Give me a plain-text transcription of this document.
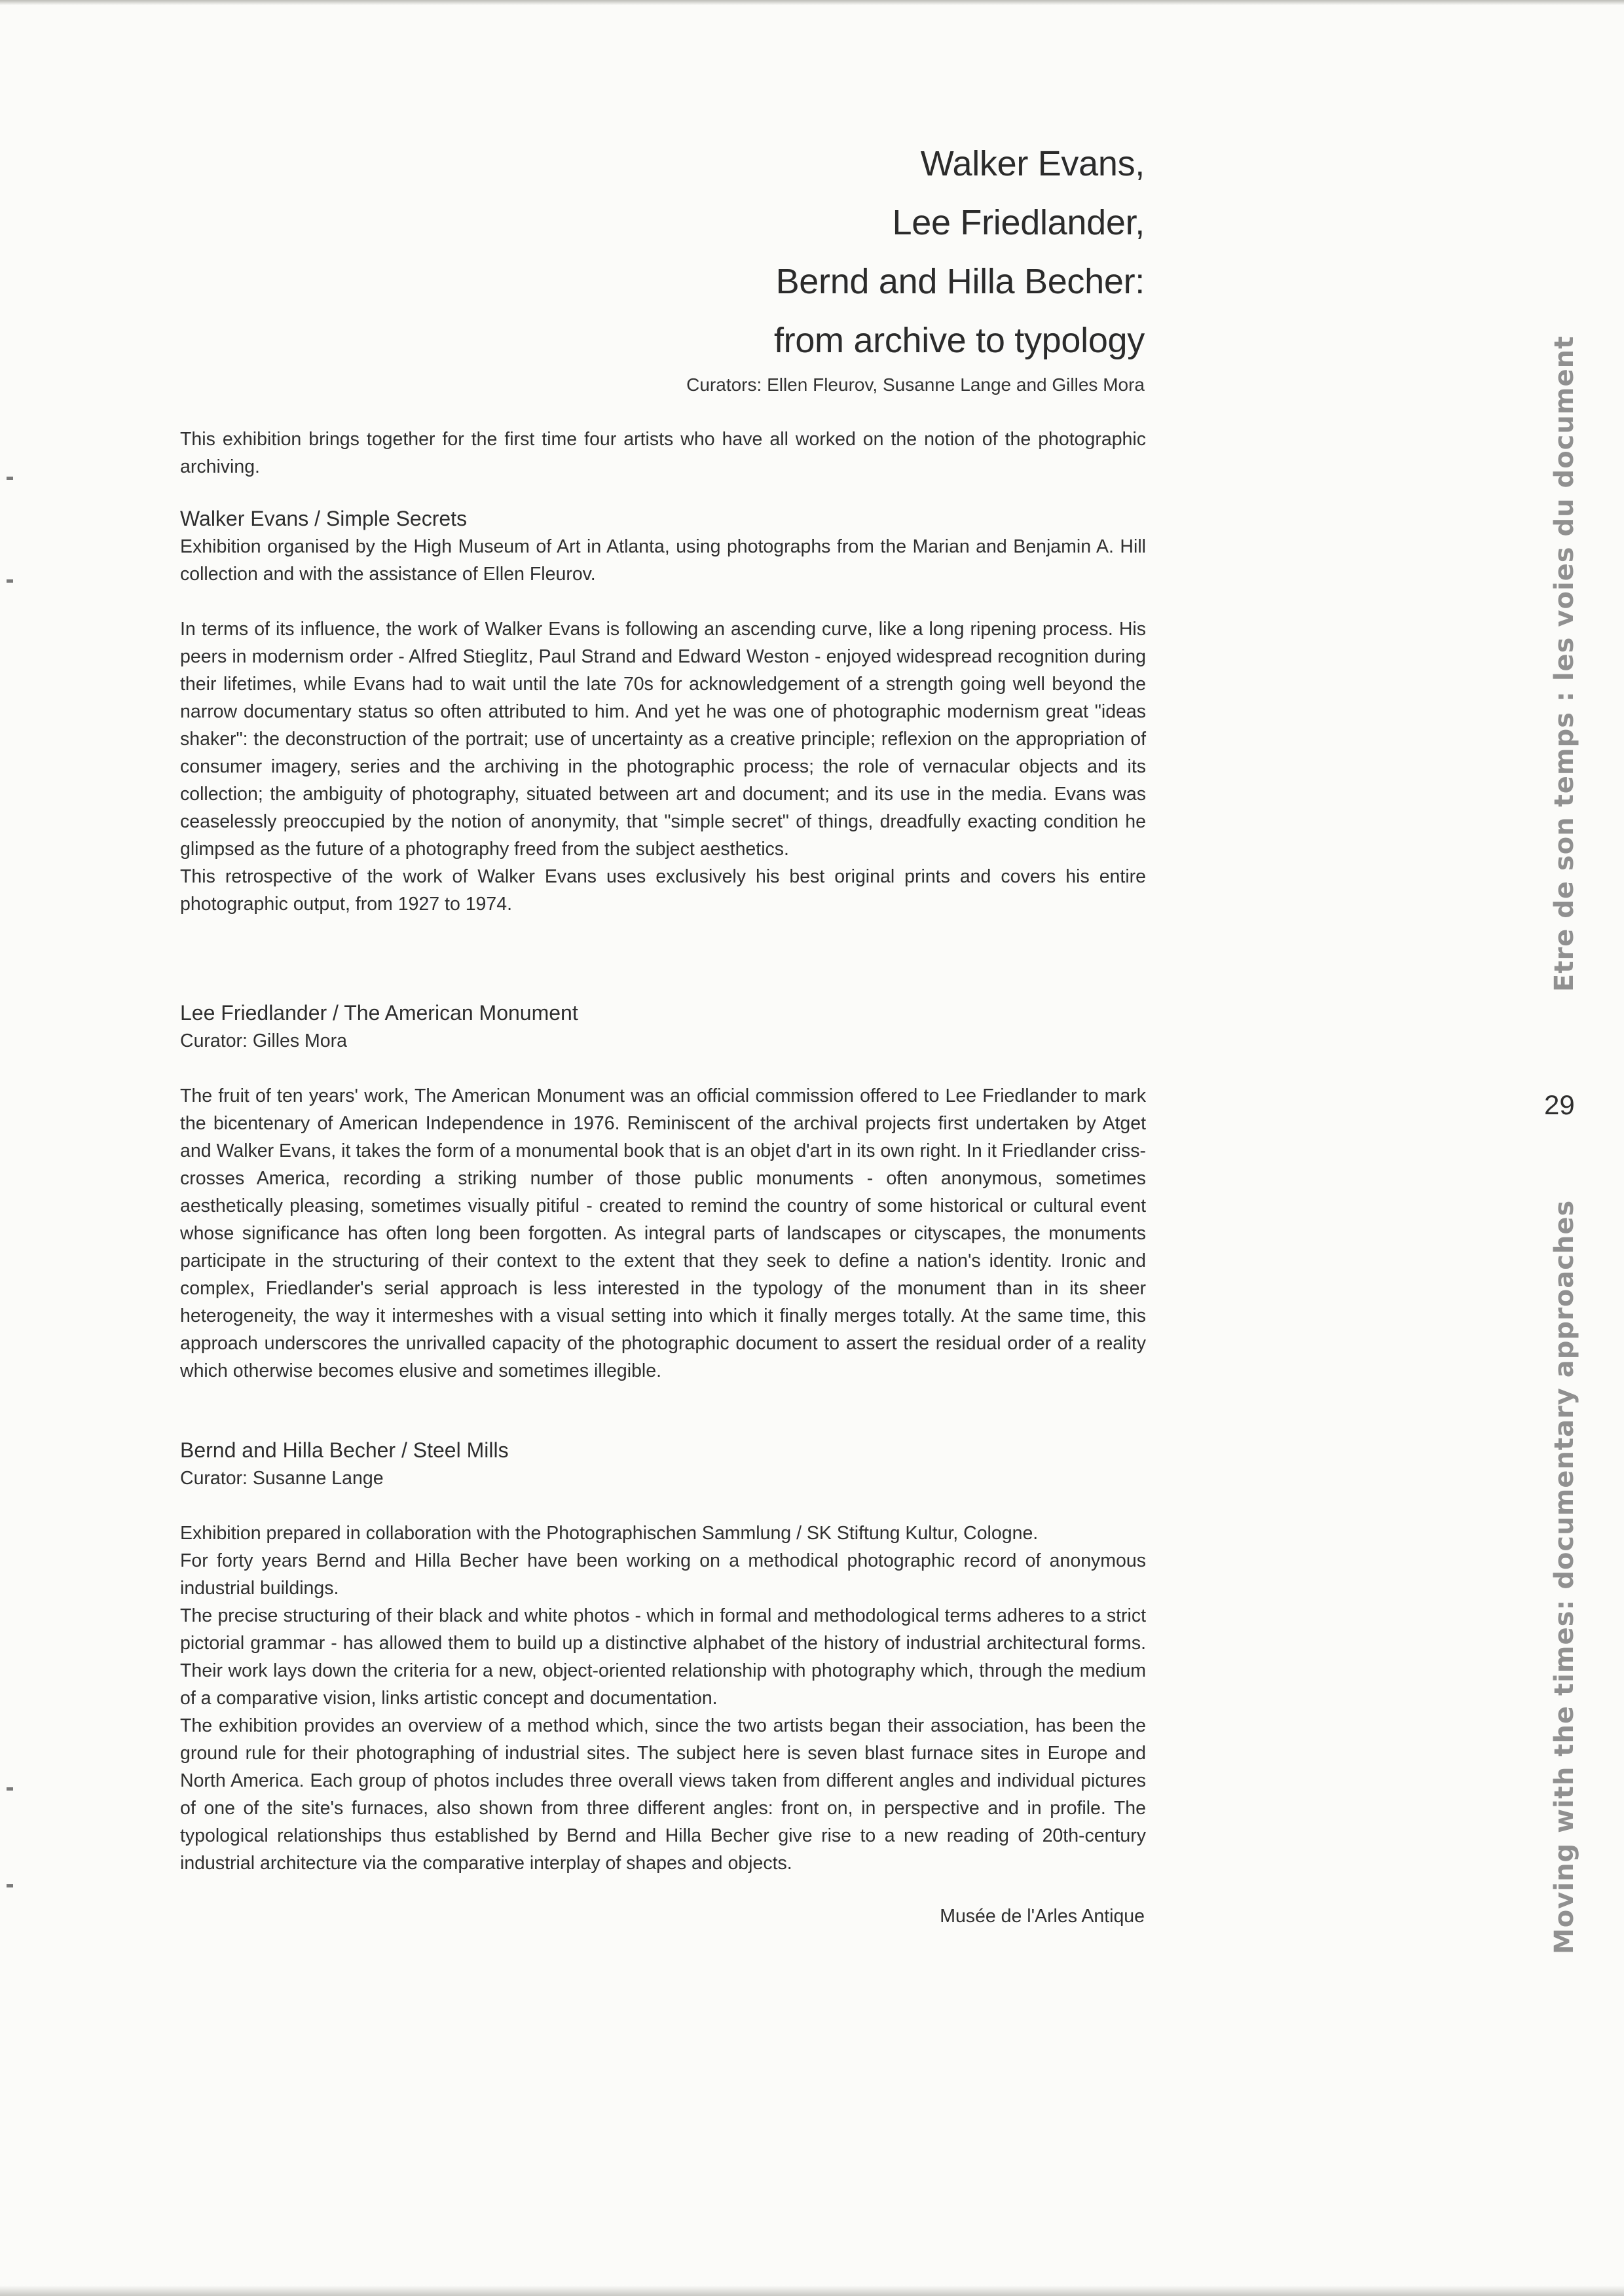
Walker Evans,
Lee Friedlander,
Bernd and Hilla Becher:
from archive to typology
Curators: Ellen Fleurov, Susanne Lange and Gilles Mora

This exhibition brings together for the first time four artists who have all worked on the notion of the photographic archiving.

Walker Evans / Simple Secrets

Exhibition organised by the High Museum of Art in Atlanta, using photographs from the Marian and Benjamin A. Hill collection and with the assistance of Ellen Fleurov.

In terms of its influence, the work of Walker Evans is following an ascending curve, like a long ripening process. His peers in modernism order - Alfred Stieglitz, Paul Strand and Edward Weston - enjoyed widespread recognition during their lifetimes, while Evans had to wait until the late 70s for acknowledgement of a strength going well beyond the narrow documentary status so often attributed to him. And yet he was one of photographic modernism great "ideas shaker": the deconstruction of the portrait; use of uncertainty as a creative principle; reflexion on the appropriation of consumer imagery, series and the archiving in the photographic process; the role of vernacular objects and its collection; the ambiguity of photography, situated between art and document; and its use in the media. Evans was ceaselessly preoccupied by the notion of anonymity, that "simple secret" of things, dreadfully exacting condition he glimpsed as the future of a photography freed from the subject aesthetics.

This retrospective of the work of Walker Evans uses exclusively his best original prints and covers his entire photographic output, from 1927 to 1974.

Lee Friedlander / The American Monument

Curator: Gilles Mora

The fruit of ten years' work, The American Monument was an official commission offered to Lee Friedlander to mark the bicentenary of American Independence in 1976. Reminiscent of the archival projects first undertaken by Atget and Walker Evans, it takes the form of a monumental book that is an objet d'art in its own right. In it Friedlander criss-crosses America, recording a striking number of those public monuments - often anonymous, sometimes aesthetically pleasing, sometimes visually pitiful - created to remind the country of some historical or cultural event whose significance has often long been forgotten. As integral parts of landscapes or cityscapes, the monuments participate in the structuring of their context to the extent that they seek to define a nation's identity. Ironic and complex, Friedlander's serial approach is less interested in the typology of the monument than in its sheer heterogeneity, the way it intermeshes with a visual setting into which it finally merges totally. At the same time, this approach underscores the unrivalled capacity of the photographic document to assert the residual order of a reality which otherwise becomes elusive and sometimes illegible.

Bernd and Hilla Becher / Steel Mills

Curator: Susanne Lange

Exhibition prepared in collaboration with the Photographischen Sammlung / SK Stiftung Kultur, Cologne.

For forty years Bernd and Hilla Becher have been working on a methodical photographic record of anonymous industrial buildings.

The precise structuring of their black and white photos - which in formal and methodological terms adheres to a strict pictorial grammar - has allowed them to build up a distinctive alphabet of the history of industrial architectural forms. Their work lays down the criteria for a new, object-oriented relationship with photography which, through the medium of a comparative vision, links artistic concept and documentation.

The exhibition provides an overview of a method which, since the two artists began their association, has been the ground rule for their photographing of industrial sites. The subject here is seven blast furnace sites in Europe and North America. Each group of photos includes three overall views taken from different angles and individual pictures of one of the site's furnaces, also shown from three different angles: front on, in perspective and in profile. The typological relationships thus established by Bernd and Hilla Becher give rise to a new reading of 20th-century industrial architecture via the comparative interplay of shapes and objects.

Musée de l'Arles Antique
Etre de son temps : les voies du document
29
Moving with the times: documentary approaches
